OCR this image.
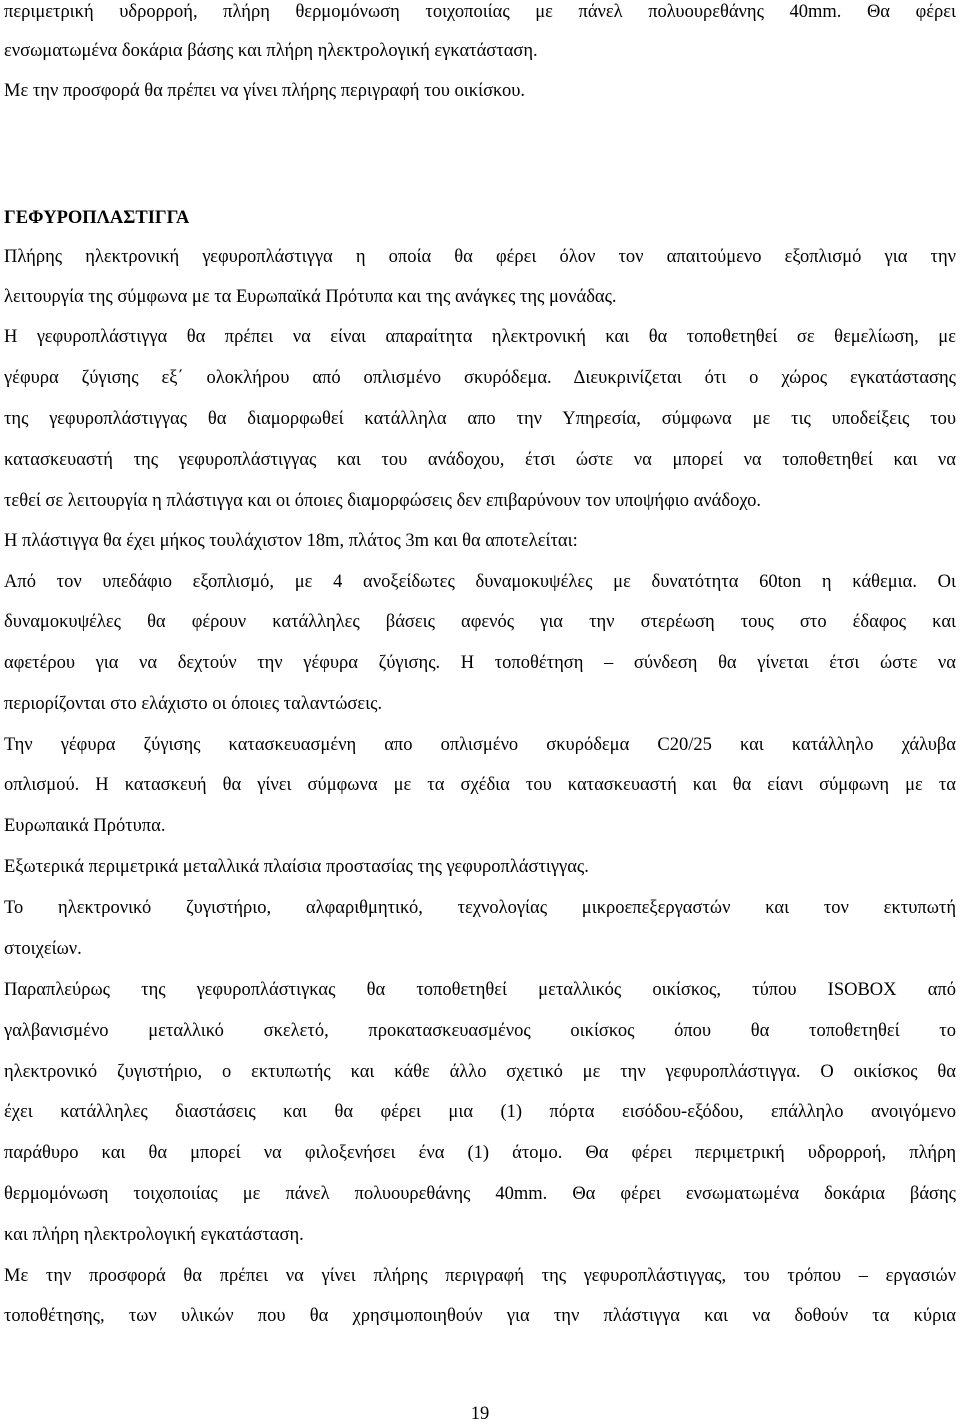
περιμετρική υδρορροή, πλήρη θερμομόνωση τοιχοποιίας με πάνελ πολυουρεθάνης 40mm. Θα φέρει
ενσωματωμένα δοκάρια βάσης και πλήρη ηλεκτρολογική εγκατάσταση.
Με την προσφορά θα πρέπει να γίνει πλήρης περιγραφή του οικίσκου.
ΓΕΦΥΡΟΠΛΑΣΤΙΓΓΑ
Πλήρης ηλεκτρονική γεφυροπλάστιγγα η οποία θα φέρει όλον τον απαιτούμενο εξοπλισμό για την
λειτουργία της σύμφωνα με τα Ευρωπαϊκά Πρότυπα και της ανάγκες της μονάδας.
Η γεφυροπλάστιγγα θα πρέπει να είναι απαραίτητα ηλεκτρονική και θα τοποθετηθεί σε θεμελίωση, με
γέφυρα ζύγισης εξ΄ ολοκλήρου από οπλισμένο σκυρόδεμα. Διευκρινίζεται ότι ο χώρος εγκατάστασης
της γεφυροπλάστιγγας θα διαμορφωθεί κατάλληλα απο την Υπηρεσία, σύμφωνα με τις υποδείξεις του
κατασκευαστή της γεφυροπλάστιγγας και του ανάδοχου, έτσι ώστε να μπορεί να τοποθετηθεί και να
τεθεί σε λειτουργία η πλάστιγγα και οι όποιες διαμορφώσεις δεν επιβαρύνουν τον υποψήφιο ανάδοχο.
Η πλάστιγγα θα έχει μήκος τουλάχιστον 18m, πλάτος 3m και θα αποτελείται:
Από τον υπεδάφιο εξοπλισμό, με 4 ανοξείδωτες δυναμοκυψέλες με δυνατότητα 60ton η κάθεμια. Οι
δυναμοκυψέλες θα φέρουν κατάλληλες βάσεις αφενός για την στερέωση τους στο έδαφος και
αφετέρου για να δεχτούν την γέφυρα ζύγισης. Η τοποθέτηση – σύνδεση θα γίνεται έτσι ώστε να
περιορίζονται στο ελάχιστο οι όποιες ταλαντώσεις.
Την γέφυρα ζύγισης κατασκευασμένη απο οπλισμένο σκυρόδεμα C20/25 και κατάλληλο χάλυβα
οπλισμού. Η κατασκευή θα γίνει σύμφωνα με τα σχέδια του κατασκευαστή και θα είανι σύμφωνη με τα
Ευρωπαικά Πρότυπα.
Εξωτερικά περιμετρικά μεταλλικά πλαίσια προστασίας της γεφυροπλάστιγγας.
Το ηλεκτρονικό ζυγιστήριο, αλφαριθμητικό, τεχνολογίας μικροεπεξεργαστών και τον εκτυπωτή
στοιχείων.
Παραπλεύρως της γεφυροπλάστιγκας θα τοποθετηθεί μεταλλικός οικίσκος, τύπου ISOBOX από
γαλβανισμένο μεταλλικό σκελετό, προκατασκευασμένος οικίσκος όπου θα τοποθετηθεί το
ηλεκτρονικό ζυγιστήριο, ο εκτυπωτής και κάθε άλλο σχετικό με την γεφυροπλάστιγγα. Ο οικίσκος θα
έχει κατάλληλες διαστάσεις και θα φέρει μια (1) πόρτα εισόδου-εξόδου, επάλληλο ανοιγόμενο
παράθυρο και θα μπορεί να φιλοξενήσει ένα (1) άτομο. Θα φέρει περιμετρική υδρορροή, πλήρη
θερμομόνωση τοιχοποιίας με πάνελ πολυουρεθάνης 40mm. Θα φέρει ενσωματωμένα δοκάρια βάσης
και πλήρη ηλεκτρολογική εγκατάσταση.
Με την προσφορά θα πρέπει να γίνει πλήρης περιγραφή της γεφυροπλάστιγγας, του τρόπου – εργασιών
τοποθέτησης, των υλικών που θα χρησιμοποιηθούν για την πλάστιγγα και να δοθούν τα κύρια
19
